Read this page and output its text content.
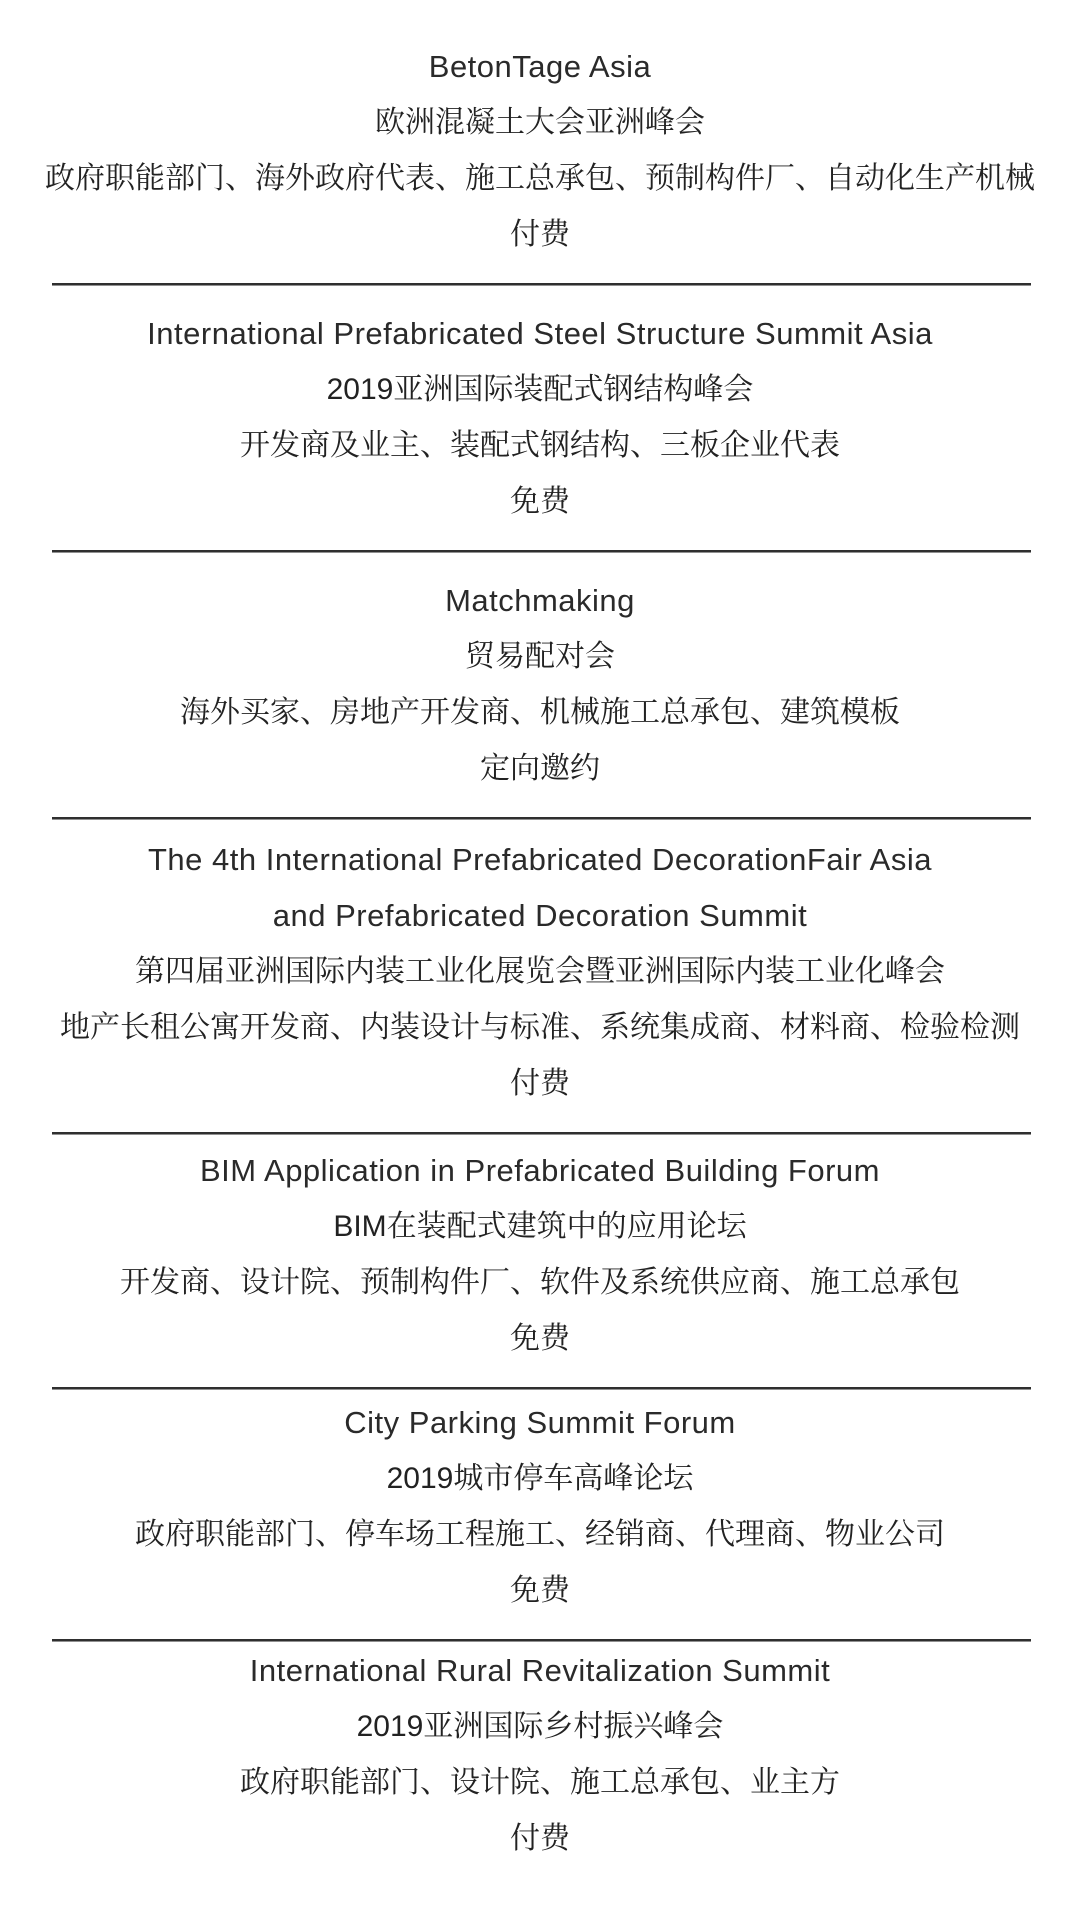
BetonTage Asia
欧洲混凝土大会亚洲峰会
政府职能部门、海外政府代表、施工总承包、预制构件厂、自动化生产机械
付费
International Prefabricated Steel Structure Summit Asia
2019亚洲国际装配式钢结构峰会
开发商及业主、装配式钢结构、三板企业代表
免费
Matchmaking
贸易配对会
海外买家、房地产开发商、机械施工总承包、建筑模板
定向邀约
The 4th International Prefabricated DecorationFair Asia
and Prefabricated Decoration Summit
第四届亚洲国际内装工业化展览会暨亚洲国际内装工业化峰会
地产长租公寓开发商、内装设计与标准、系统集成商、材料商、检验检测
付费
BIM Application in Prefabricated Building Forum
BIM在装配式建筑中的应用论坛
开发商、设计院、预制构件厂、软件及系统供应商、施工总承包
免费
City Parking Summit Forum
2019城市停车高峰论坛
政府职能部门、停车场工程施工、经销商、代理商、物业公司
免费
International Rural Revitalization Summit
2019亚洲国际乡村振兴峰会
政府职能部门、设计院、施工总承包、业主方
付费
